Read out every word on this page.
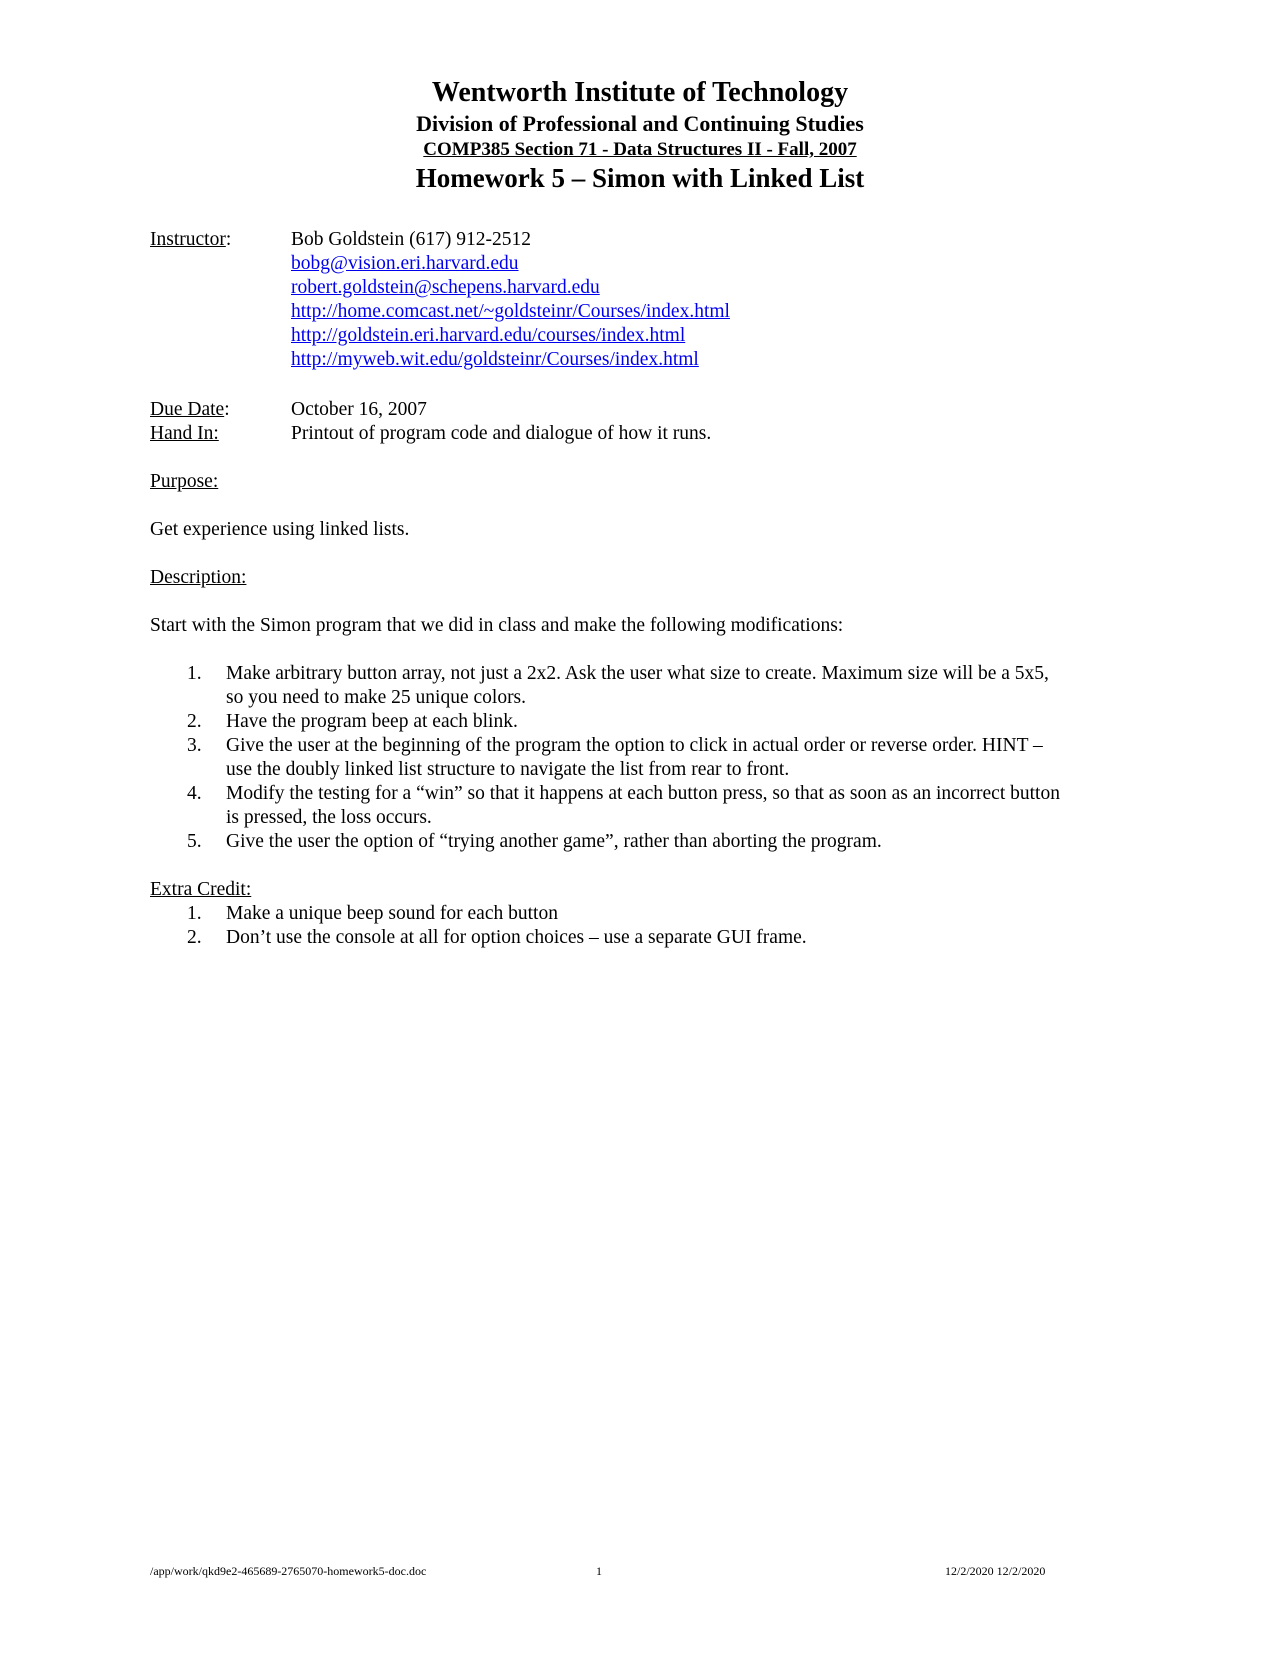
Wentworth Institute of Technology
Division of Professional and Continuing Studies
COMP385 Section 71 - Data Structures II - Fall, 2007
Homework 5 – Simon with Linked List
Instructor:	Bob Goldstein (617) 912-2512
bobg@vision.eri.harvard.edu
robert.goldstein@schepens.harvard.edu
http://home.comcast.net/~goldsteinr/Courses/index.html
http://goldstein.eri.harvard.edu/courses/index.html
http://myweb.wit.edu/goldsteinr/Courses/index.html
Due Date:	October 16, 2007
Hand In:	Printout of program code and dialogue of how it runs.
Purpose:
Get experience using linked lists.
Description:
Start with the Simon program that we did in class and make the following modifications:
1. Make arbitrary button array, not just a 2x2. Ask the user what size to create. Maximum size will be a 5x5,
so you need to make 25 unique colors.
2. Have the program beep at each blink.
3. Give the user at the beginning of the program the option to click in actual order or reverse order. HINT –
use the doubly linked list structure to navigate the list from rear to front.
4. Modify the testing for a “win” so that it happens at each button press, so that as soon as an incorrect button
is pressed, the loss occurs.
5. Give the user the option of “trying another game”, rather than aborting the program.
Extra Credit:
1. Make a unique beep sound for each button
2. Don’t use the console at all for option choices – use a separate GUI frame.
/app/work/qkd9e2-465689-2765070-homework5-doc.doc	1	12/2/2020 12/2/2020
